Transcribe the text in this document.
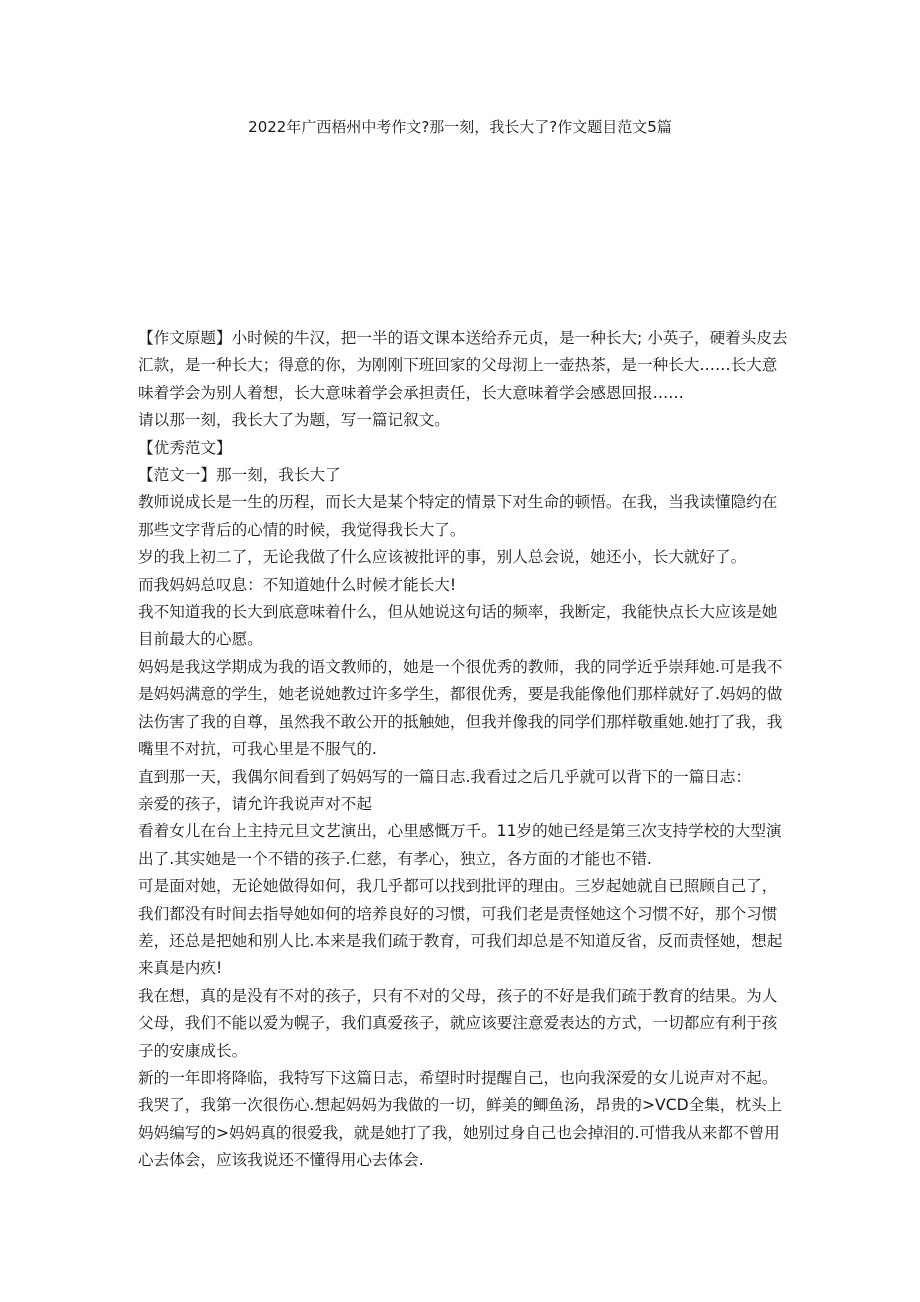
2022年广西梧州中考作文?那一刻，我长大了?作文题目范文5篇

【作文原题】小时候的牛汉，把一半的语文课本送给乔元贞，是一种长大; 小英子，硬着头皮去汇款，是一种长大；得意的你，为刚刚下班回家的父母沏上一壶热茶，是一种长大……长大意味着学会为别人着想，长大意味着学会承担责任，长大意味着学会感恩回报……

请以那一刻，我长大了为题，写一篇记叙文。

【优秀范文】

【范文一】那一刻，我长大了

教师说成长是一生的历程，而长大是某个特定的情景下对生命的顿悟。在我，当我读懂隐约在那些文字背后的心情的时候，我觉得我长大了。

岁的我上初二了，无论我做了什么应该被批评的事，别人总会说，她还小，长大就好了。

而我妈妈总叹息：不知道她什么时候才能长大!

我不知道我的长大到底意味着什么，但从她说这句话的频率，我断定，我能快点长大应该是她目前最大的心愿。

妈妈是我这学期成为我的语文教师的，她是一个很优秀的教师，我的同学近乎崇拜她.可是我不是妈妈满意的学生，她老说她教过许多学生，都很优秀，要是我能像他们那样就好了.妈妈的做法伤害了我的自尊，虽然我不敢公开的抵触她，但我并像我的同学们那样敬重她.她打了我，我嘴里不对抗，可我心里是不服气的.

直到那一天，我偶尔间看到了妈妈写的一篇日志.我看过之后几乎就可以背下的一篇日志：

亲爱的孩子，请允许我说声对不起

看着女儿在台上主持元旦文艺演出，心里感慨万千。11岁的她已经是第三次支持学校的大型演出了.其实她是一个不错的孩子.仁慈，有孝心，独立，各方面的才能也不错.

可是面对她，无论她做得如何，我几乎都可以找到批评的理由。三岁起她就自已照顾自己了，我们都没有时间去指导她如何的培养良好的习惯，可我们老是责怪她这个习惯不好，那个习惯差，还总是把她和别人比.本来是我们疏于教育，可我们却总是不知道反省，反而责怪她，想起来真是内疚!

我在想，真的是没有不对的孩子，只有不对的父母，孩子的不好是我们疏于教育的结果。为人父母，我们不能以爱为幌子，我们真爱孩子，就应该要注意爱表达的方式，一切都应有利于孩子的安康成长。

新的一年即将降临，我特写下这篇日志，希望时时提醒自己，也向我深爱的女儿说声对不起。

我哭了，我第一次很伤心.想起妈妈为我做的一切，鲜美的鲫鱼汤，昂贵的>VCD全集，枕头上妈妈编写的>妈妈真的很爱我，就是她打了我，她别过身自己也会掉泪的.可惜我从来都不曾用心去体会，应该我说还不懂得用心去体会.
